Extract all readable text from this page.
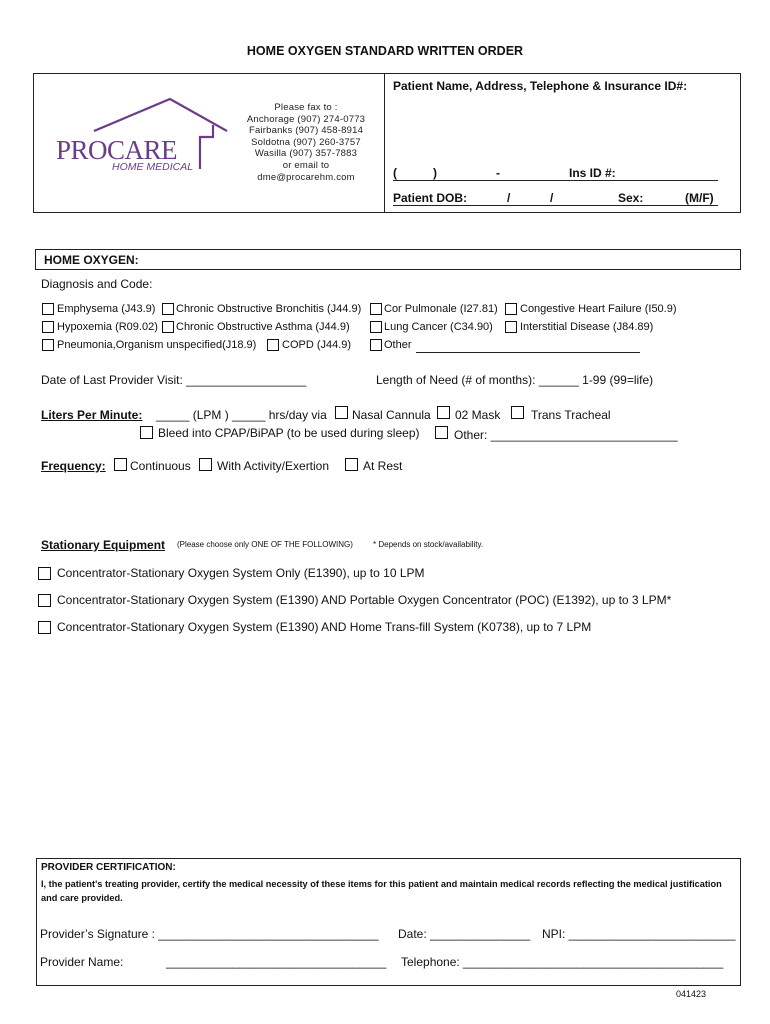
HOME OXYGEN STANDARD WRITTEN ORDER
PROCARE
HOME MEDICAL
Please fax to :
Anchorage (907) 274-0773
Fairbanks (907) 458-8914
Soldotna (907) 260-3757
Wasilla (907) 357-7883
or email to
dme@procarehm.com
Patient Name, Address, Telephone & Insurance ID#:
(	)	-	Ins ID #:
Patient DOB:	/	/	Sex:	(M/F)
HOME OXYGEN:
Diagnosis and Code:
Emphysema (J43.9) Chronic Obstructive Bronchitis (J44.9) Cor Pulmonale (I27.81) Congestive Heart Failure (I50.9)
Hypoxemia (R09.02) Chronic Obstructive Asthma (J44.9)	Lung Cancer (C34.90) Interstitial Disease (J84.89)
Pneumonia,Organism unspecified(J18.9) COPD (J44.9)	Other
Date of Last Provider Visit: __________________	Length of Need (# of months): ______ 1-99 (99=life)
Liters Per Minute: _____ (LPM ) _____ hrs/day via Nasal Cannula 02 Mask	Trans Tracheal
Bleed into CPAP/BiPAP (to be used during sleep)	Other: ____________________________
Frequency: Continuous With Activity/Exertion	At Rest
Stationary Equipment (Please choose only ONE OF THE FOLLOWING)	* Depends on stock/availability.
Concentrator-Stationary Oxygen System Only (E1390), up to 10 LPM
Concentrator-Stationary Oxygen System (E1390) AND Portable Oxygen Concentrator (POC) (E1392), up to 3 LPM*
Concentrator-Stationary Oxygen System (E1390) AND Home Trans-fill System (K0738), up to 7 LPM
PROVIDER CERTIFICATION:
I, the patient's treating provider, certify the medical necessity of these items for this patient and maintain medical records reflecting the medical justification and care provided.
Provider’s Signature : _________________________________ Date: _______________ NPI: _________________________
Provider Name:	_________________________________ Telephone: _______________________________________
041423
